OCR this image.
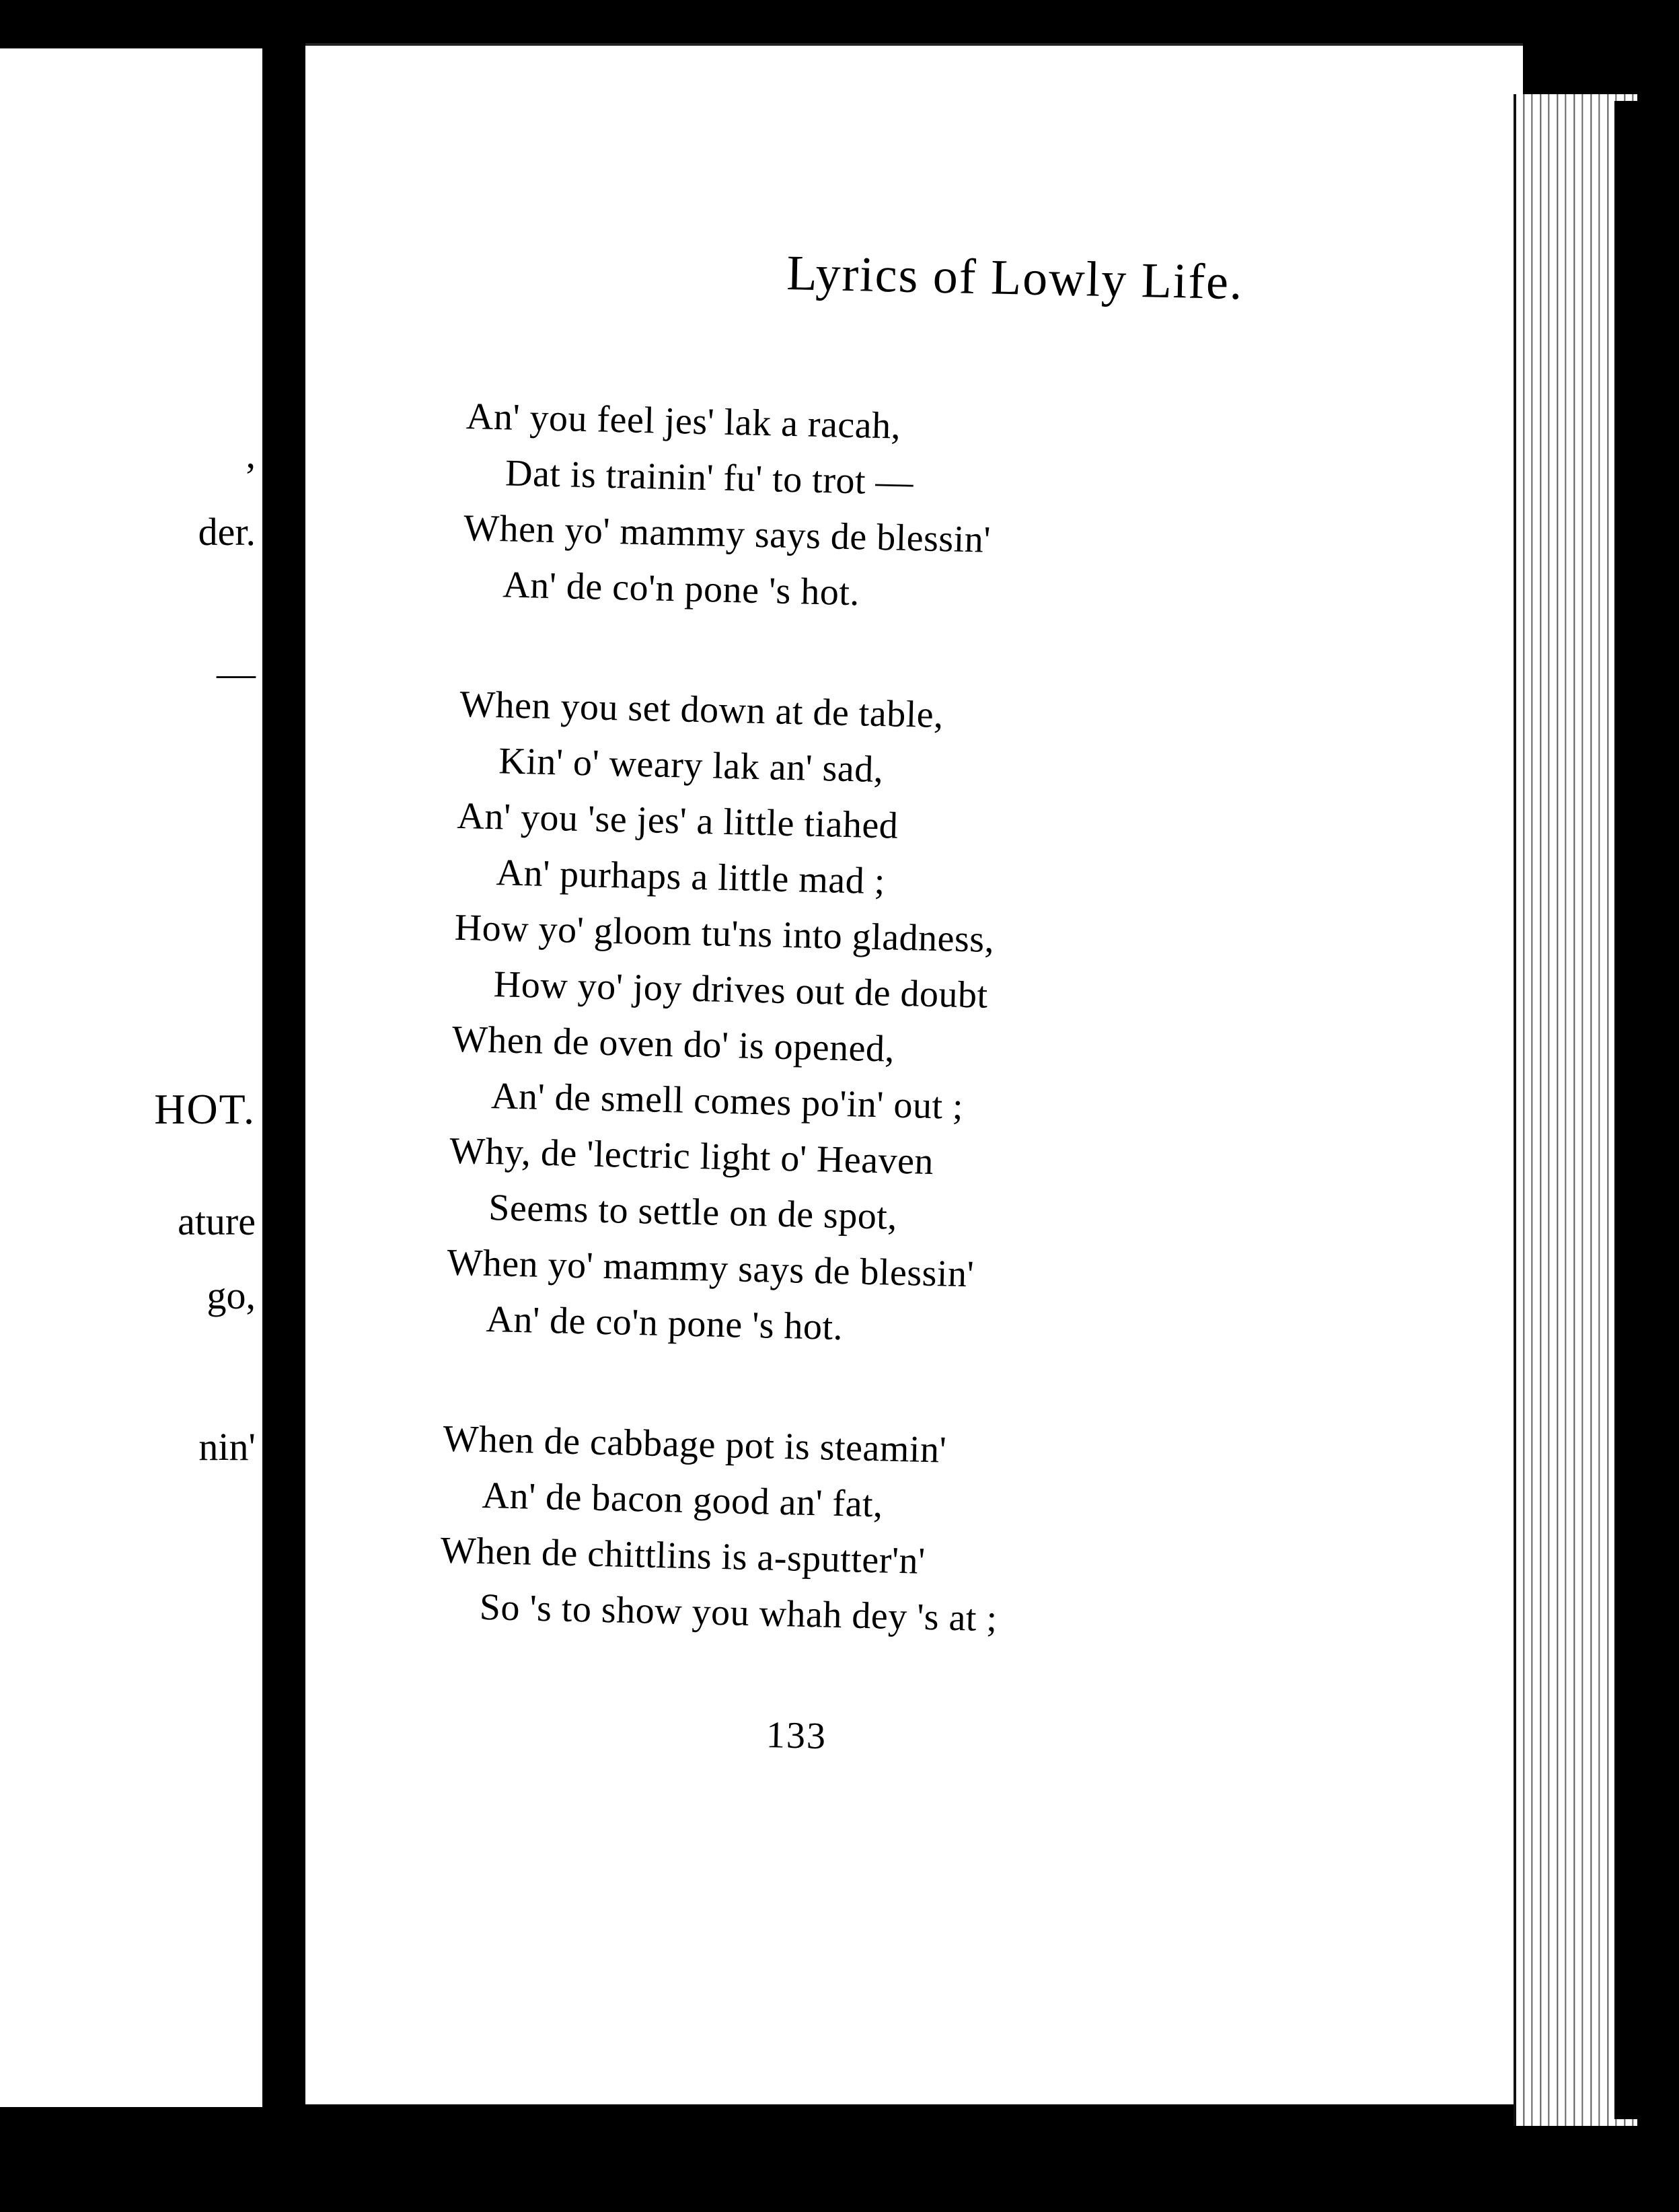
,
der.
—
HOT.
ature
go,
nin'
Lyrics of Lowly Life.
An' you feel jes' lak a racah,
Dat is trainin' fu' to trot —
When yo' mammy says de blessin'
An' de co'n pone 's hot.
When you set down at de table,
Kin' o' weary lak an' sad,
An' you 'se jes' a little tiahed
An' purhaps a little mad ;
How yo' gloom tu'ns into gladness,
How yo' joy drives out de doubt
When de oven do' is opened,
An' de smell comes po'in' out ;
Why, de 'lectric light o' Heaven
Seems to settle on de spot,
When yo' mammy says de blessin'
An' de co'n pone 's hot.
When de cabbage pot is steamin'
An' de bacon good an' fat,
When de chittlins is a-sputter'n'
So 's to show you whah dey 's at ;
133
